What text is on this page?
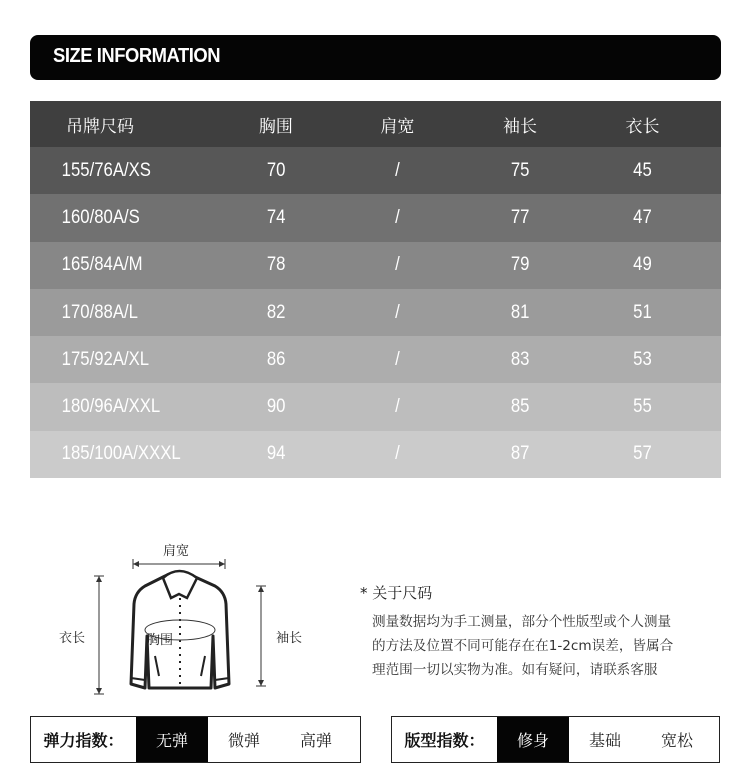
SIZE INFORMATION
吊牌尺码	胸围	肩宽	袖长	衣长
155/76A/XS	70	/	75	45
160/80A/S	74	/	77	47
165/84A/M	78	/	79	49
170/88A/L	82	/	81	51
175/92A/XL	86	/	83	53
180/96A/XXL	90	/	85	55
185/100A/XXXL	94	/	87	57
肩宽
衣长	胸围	袖长
* 关于尺码
测量数据均为手工测量，部分个性版型或个人测量
的方法及位置不同可能存在在1-2cm误差，皆属合
理范围一切以实物为准。如有疑问，请联系客服
弹力指数：	无弹	微弹	高弹	版型指数：	修身	基础	宽松
